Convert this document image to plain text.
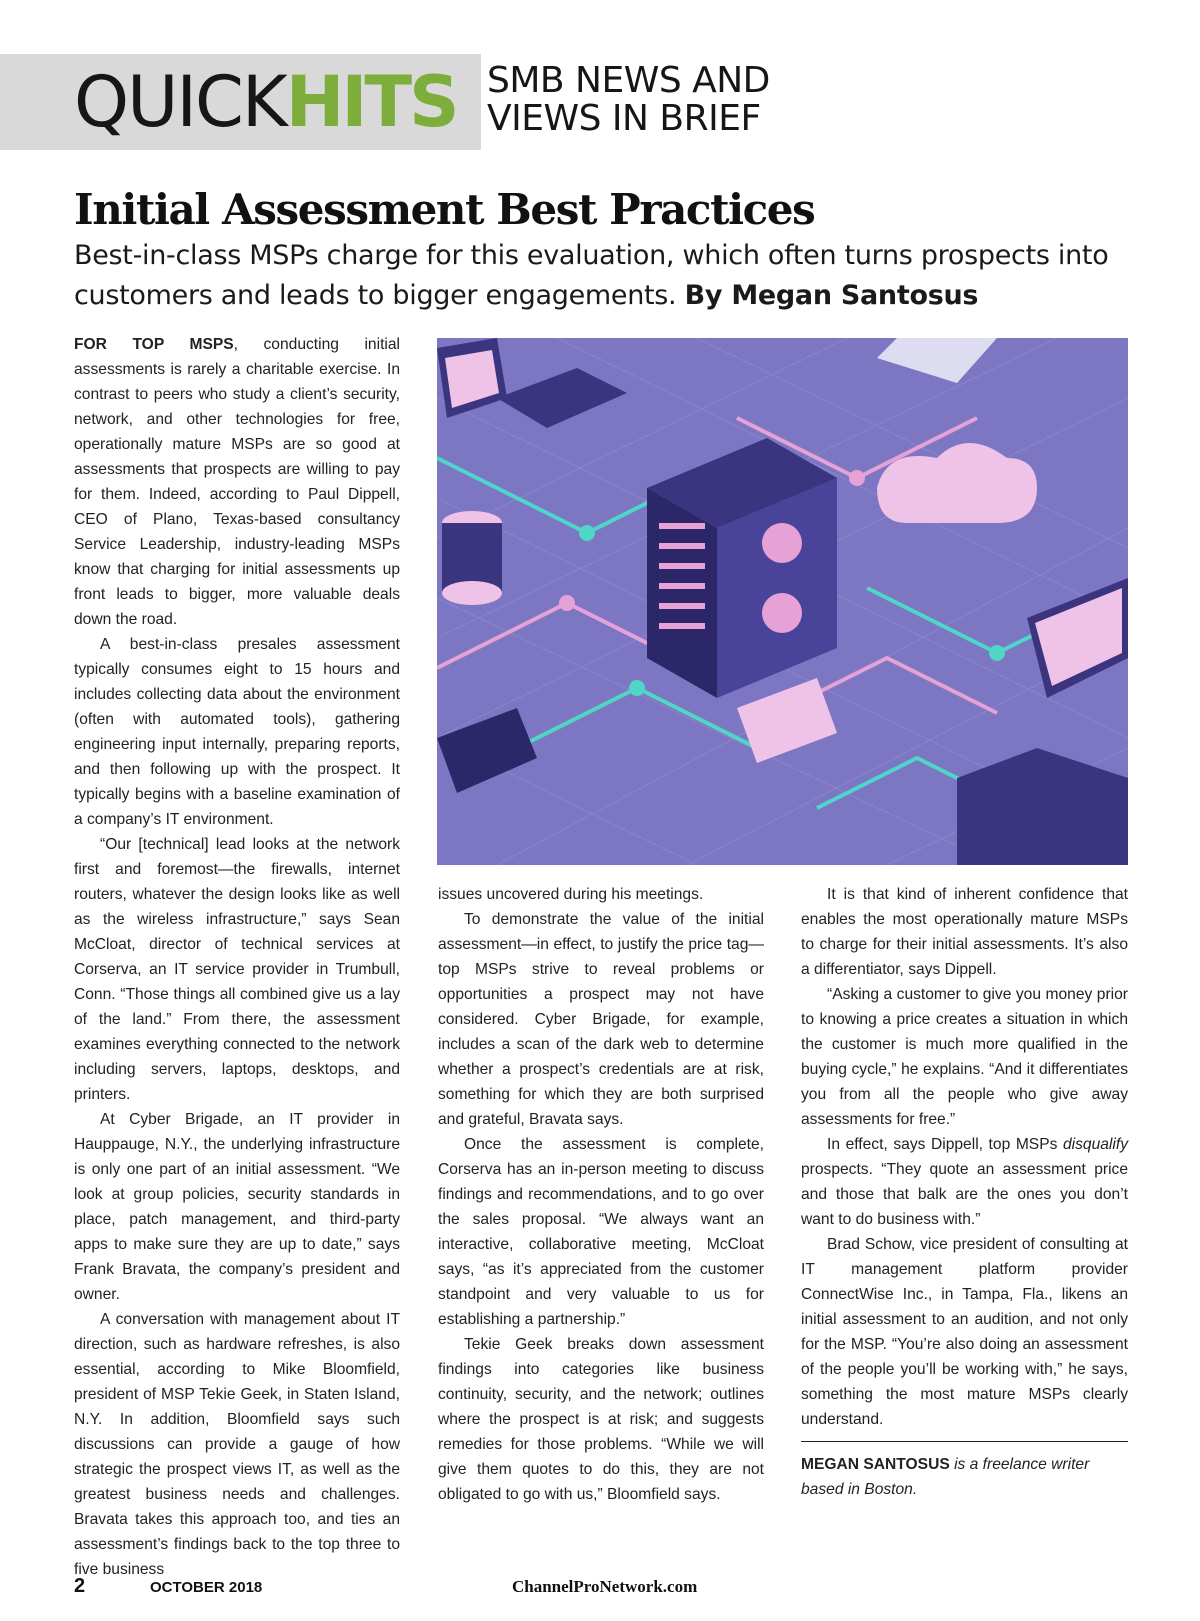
QUICKHITS SMB NEWS AND
VIEWS IN BRIEF
Initial Assessment Best Practices
Best-in-class MSPs charge for this evaluation, which often turns prospects into customers and leads to bigger engagements. By Megan Santosus

FOR TOP MSPS, conducting initial assessments is rarely a charitable exercise. In contrast to peers who study a client’s security, network, and other technologies for free, operationally mature MSPs are so good at assessments that prospects are willing to pay for them. Indeed, according to Paul Dippell, CEO of Plano, Texas-based consultancy Service Leadership, industry-leading MSPs know that charging for initial assessments up front leads to bigger, more valuable deals down the road.

A best-in-class presales assessment typically consumes eight to 15 hours and includes collecting data about the environment (often with automated tools), gathering engineering input internally, preparing reports, and then following up with the prospect. It typically begins with a baseline examination of a company’s IT environment.

“Our [technical] lead looks at the network first and foremost—the firewalls, internet routers, whatever the design looks like as well as the wireless infrastructure,” says Sean McCloat, director of technical services at Corserva, an IT service provider in Trumbull, Conn. “Those things all combined give us a lay of the land.” From there, the assessment examines everything connected to the network including servers, laptops, desktops, and printers.

At Cyber Brigade, an IT provider in Hauppauge, N.Y., the underlying infrastructure is only one part of an initial assessment. “We look at group policies, security standards in place, patch management, and third-party apps to make sure they are up to date,” says Frank Bravata, the company’s president and owner.

A conversation with management about IT direction, such as hardware refreshes, is also essential, according to Mike Bloomfield, president of MSP Tekie Geek, in Staten Island, N.Y. In addition, Bloomfield says such discussions can provide a gauge of how strategic the prospect views IT, as well as the greatest business needs and challenges. Bravata takes this approach too, and ties an assessment’s findings back to the top three to five business

issues uncovered during his meetings.

To demonstrate the value of the initial assessment—in effect, to justify the price tag—top MSPs strive to reveal problems or opportunities a prospect may not have considered. Cyber Brigade, for example, includes a scan of the dark web to determine whether a prospect’s credentials are at risk, something for which they are both surprised and grateful, Bravata says.

Once the assessment is complete, Corserva has an in-person meeting to discuss findings and recommendations, and to go over the sales proposal. “We always want an interactive, collaborative meeting, McCloat says, “as it’s appreciated from the customer standpoint and very valuable to us for establishing a partnership.”

Tekie Geek breaks down assessment findings into categories like business continuity, security, and the network; outlines where the prospect is at risk; and suggests remedies for those problems. “While we will give them quotes to do this, they are not obligated to go with us,” Bloomfield says.

It is that kind of inherent confidence that enables the most operationally mature MSPs to charge for their initial assessments. It’s also a differentiator, says Dippell.

“Asking a customer to give you money prior to knowing a price creates a situation in which the customer is much more qualified in the buying cycle,” he explains. “And it differentiates you from all the people who give away assessments for free.”

In effect, says Dippell, top MSPs disqualify prospects. “They quote an assessment price and those that balk are the ones you don’t want to do business with.”

Brad Schow, vice president of consulting at IT management platform provider ConnectWise Inc., in Tampa, Fla., likens an initial assessment to an audition, and not only for the MSP. “You’re also doing an assessment of the people you’ll be working with,” he says, something the most mature MSPs clearly understand.

MEGAN SANTOSUS is a freelance writer based in Boston.

2	OCTOBER 2018	ChannelProNetwork.com
